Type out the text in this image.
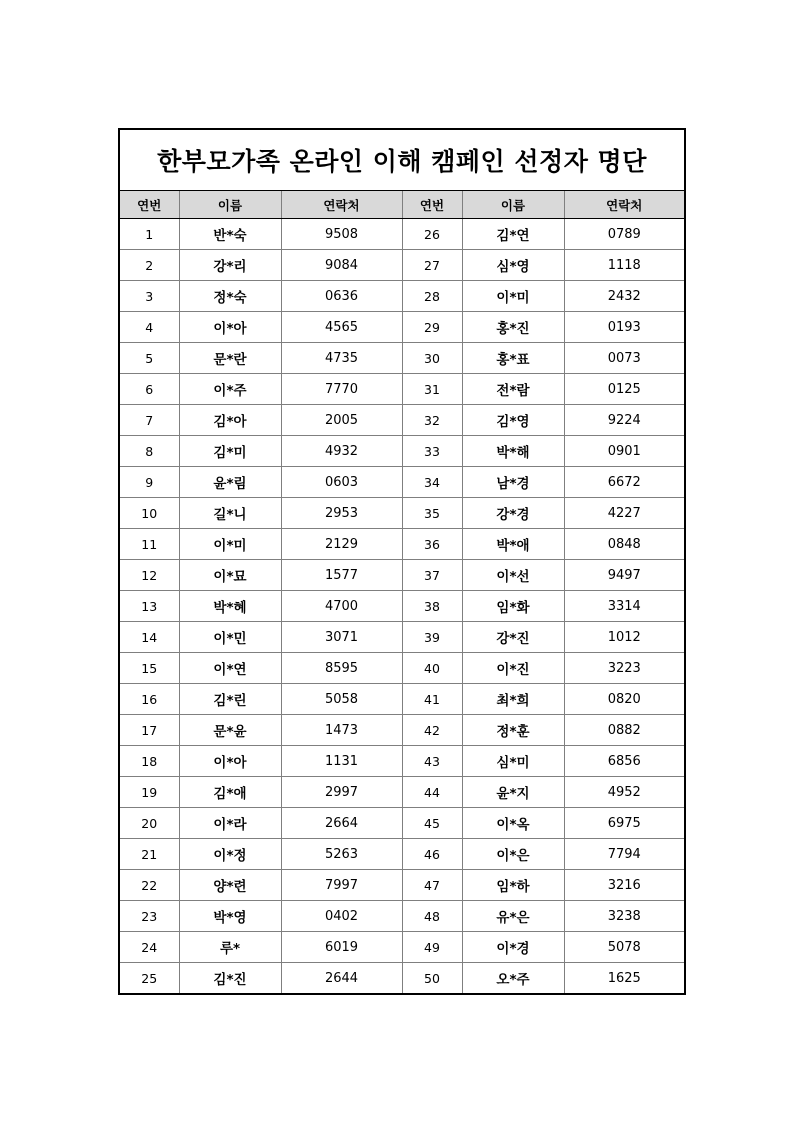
한부모가족 온라인 이해 캠페인 선정자 명단					
연번	이름	연락처	연번	이름	연락처
1	반*숙	9508	26	김*연	0789
2	강*리	9084	27	심*영	1118
3	정*숙	0636	28	이*미	2432
4	이*아	4565	29	홍*진	0193
5	문*란	4735	30	홍*표	0073
6	이*주	7770	31	전*람	0125
7	김*아	2005	32	김*영	9224
8	김*미	4932	33	박*해	0901
9	윤*림	0603	34	남*경	6672
10	길*니	2953	35	강*경	4227
11	이*미	2129	36	박*애	0848
12	이*묘	1577	37	이*선	9497
13	박*혜	4700	38	임*화	3314
14	이*민	3071	39	강*진	1012
15	이*연	8595	40	이*진	3223
16	김*린	5058	41	최*희	0820
17	문*윤	1473	42	정*훈	0882
18	이*아	1131	43	심*미	6856
19	김*애	2997	44	윤*지	4952
20	이*라	2664	45	이*옥	6975
21	이*정	5263	46	이*은	7794
22	양*련	7997	47	임*하	3216
23	박*영	0402	48	유*은	3238
24	루*	6019	49	이*경	5078
25	김*진	2644	50	오*주	1625
